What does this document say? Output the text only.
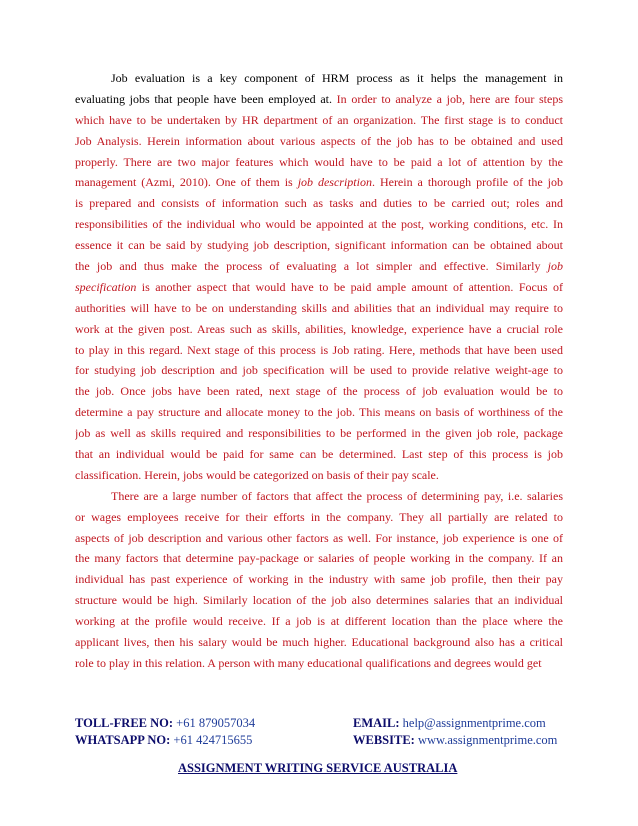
Job evaluation is a key component of HRM process as it helps the management in
evaluating jobs that people have been employed at. In order to analyze a job, here are four steps
which have to be undertaken by HR department of an organization. The first stage is to conduct
Job Analysis. Herein information about various aspects of the job has to be obtained and used
properly. There are two major features which would have to be paid a lot of attention by the
management (Azmi, 2010). One of them is job description. Herein a thorough profile of the job
is prepared and consists of information such as tasks and duties to be carried out; roles and
responsibilities of the individual who would be appointed at the post, working conditions, etc. In
essence it can be said by studying job description, significant information can be obtained about
the job and thus make the process of evaluating a lot simpler and effective. Similarly job
specification is another aspect that would have to be paid ample amount of attention. Focus of
authorities will have to be on understanding skills and abilities that an individual may require to
work at the given post. Areas such as skills, abilities, knowledge, experience have a crucial role
to play in this regard. Next stage of this process is Job rating. Here, methods that have been used
for studying job description and job specification will be used to provide relative weight-age to
the job. Once jobs have been rated, next stage of the process of job evaluation would be to
determine a pay structure and allocate money to the job. This means on basis of worthiness of the
job as well as skills required and responsibilities to be performed in the given job role, package
that an individual would be paid for same can be determined. Last step of this process is job
classification. Herein, jobs would be categorized on basis of their pay scale.
There are a large number of factors that affect the process of determining pay, i.e. salaries
or wages employees receive for their efforts in the company. They all partially are related to
aspects of job description and various other factors as well. For instance, job experience is one of
the many factors that determine pay-package or salaries of people working in the company. If an
individual has past experience of working in the industry with same job profile, then their pay
structure would be high. Similarly location of the job also determines salaries that an individual
working at the profile would receive. If a job is at different location than the place where the
applicant lives, then his salary would be much higher. Educational background also has a critical
role to play in this relation. A person with many educational qualifications and degrees would get
TOLL-FREE NO: +61 879057034	EMAIL: help@assignmentprime.com
WHATSAPP NO: +61 424715655	WEBSITE: www.assignmentprime.com
ASSIGNMENT WRITING SERVICE AUSTRALIA
